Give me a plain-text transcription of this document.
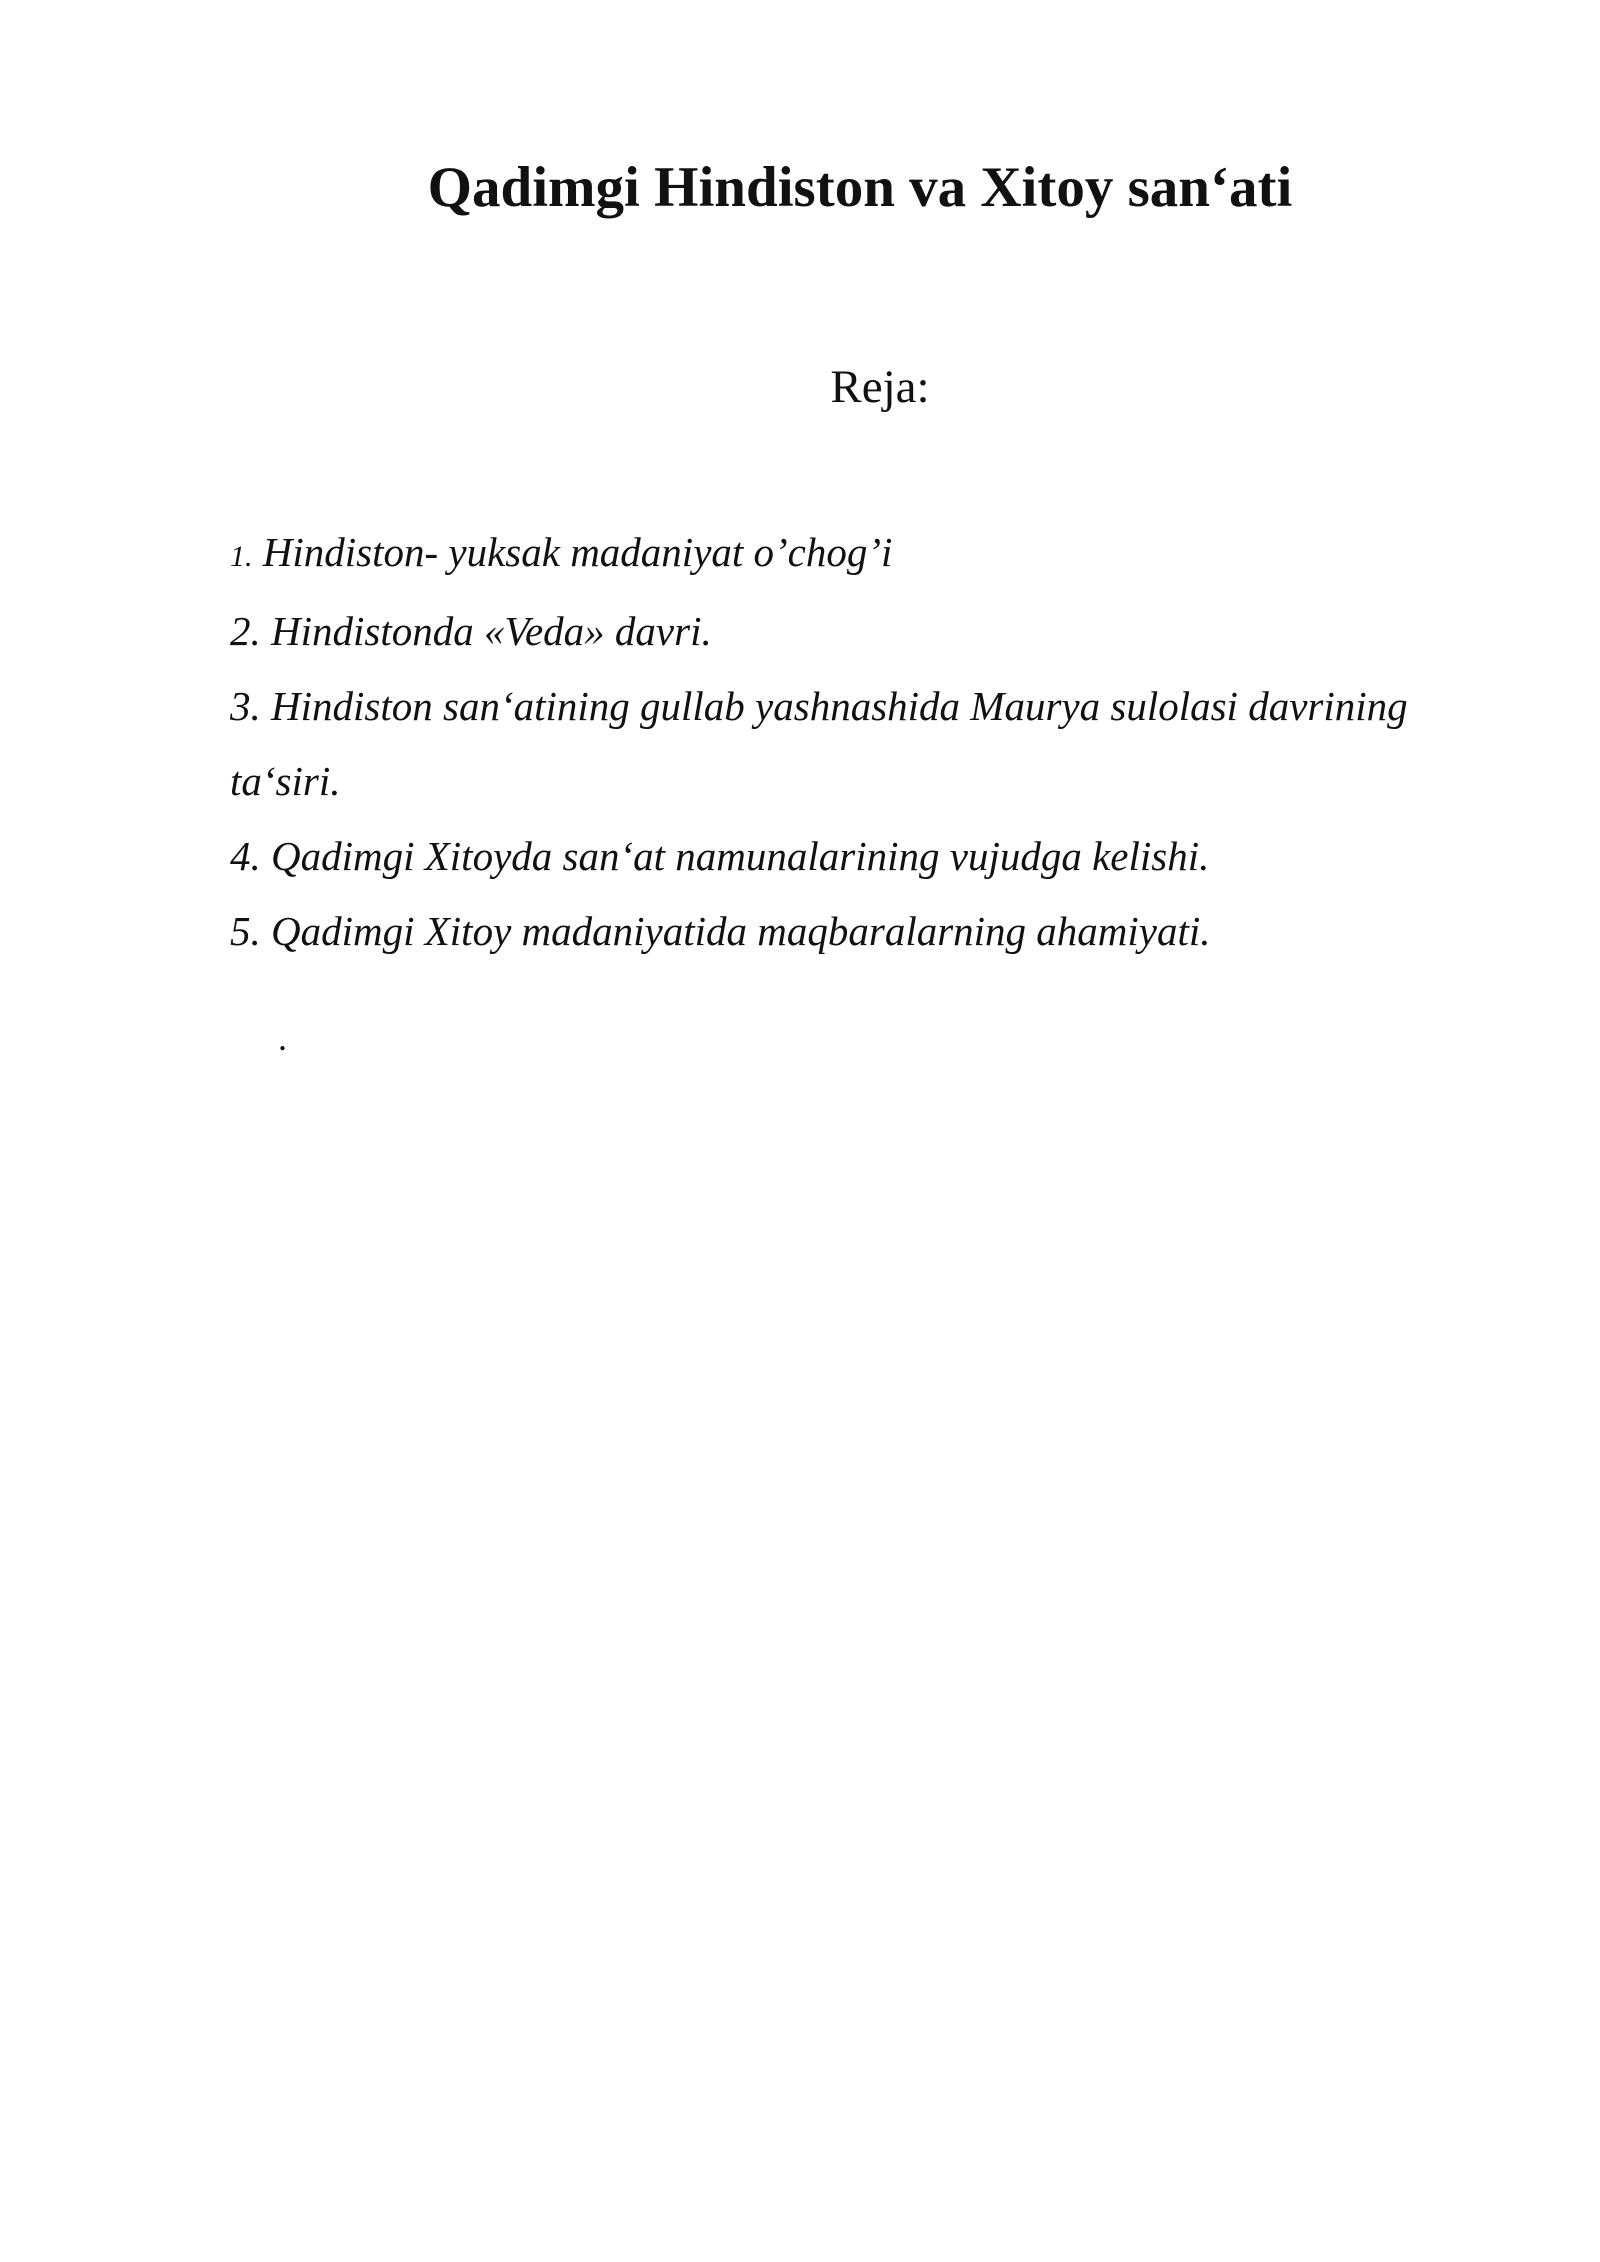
Qadimgi Hindiston va Xitoy san‘ati

Reja:

1. Hindiston- yuksak madaniyat o’chog’i
2. Hindistonda «Veda» davri.
3. Hindiston san‘atining gullab yashnashida Maurya sulolasi davrining ta‘siri.
4. Qadimgi Xitoyda san‘at namunalarining vujudga kelishi.
5. Qadimgi Xitoy madaniyatida maqbaralarning ahamiyati.
.
